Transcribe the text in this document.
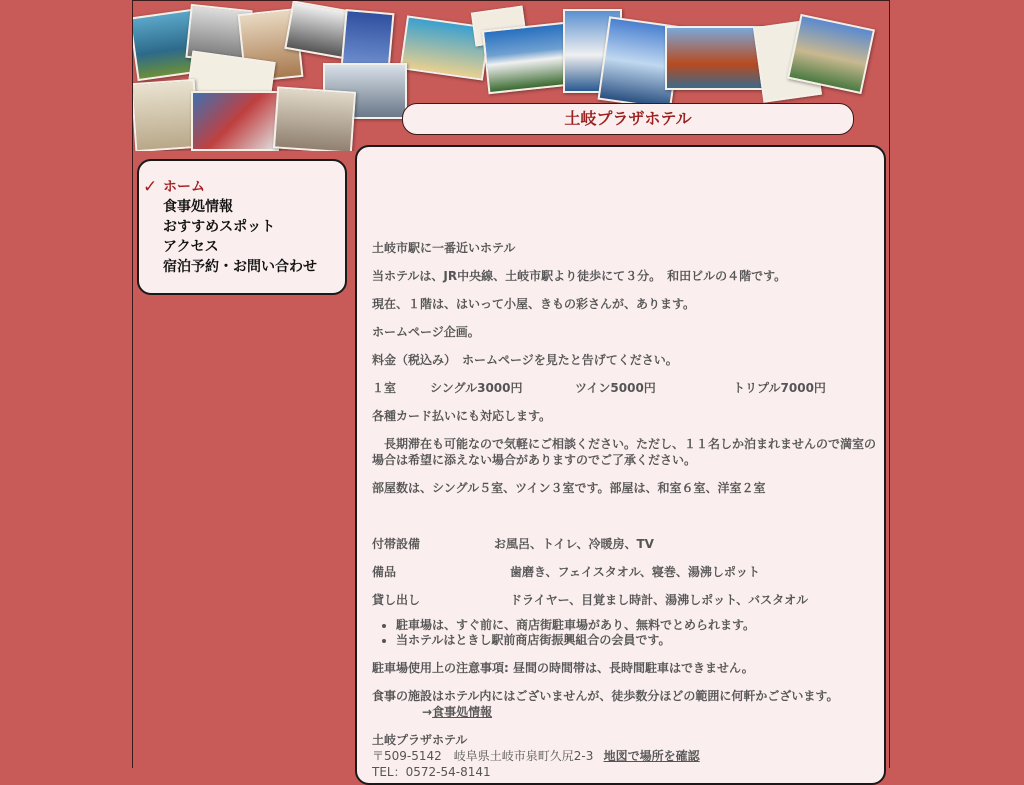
土岐プラザホテル
✓ ホーム
食事処情報
おすすめスポット
アクセス
宿泊予約・お問い合わせ

土岐市駅に一番近いホテル

当ホテルは、JR中央線、土岐市駅より徒歩にて３分。　和田ビルの４階です。

現在、１階は、はいって小屋、きもの彩さんが、あります。

ホームページ企画。

料金（税込み）　ホームページを見たと告げてください。

１室	シングル3000円	ツイン5000円	トリプル7000円

各種カード払いにも対応します。

　長期滞在も可能なので気軽にご相談ください。ただし、１１名しか泊まれませんので満室の場合は希望に添えない場合がありますのでご了承ください。

部屋数は、シングル５室、ツイン３室です。部屋は、和室６室、洋室２室

付帯設備	お風呂、トイレ、冷暖房、TV

備品	歯磨き、フェイスタオル、寝巻、湯沸しポット

貸し出し	ドライヤー、目覚まし時計、湯沸しポット、バスタオル

• 駐車場は、すぐ前に、商店街駐車場があり、無料でとめられます。
• 当ホテルはときし駅前商店街振興組合の会員です。

駐車場使用上の注意事項: 昼間の時間帯は、長時間駐車はできません。

食事の施設はホテル内にはございませんが、徒歩数分ほどの範囲に何軒かございます。 →食事処情報

土岐プラザホテル

〒509-5142　岐阜県土岐市泉町久尻2-3 地図で場所を確認

TEL：0572-54-8141
